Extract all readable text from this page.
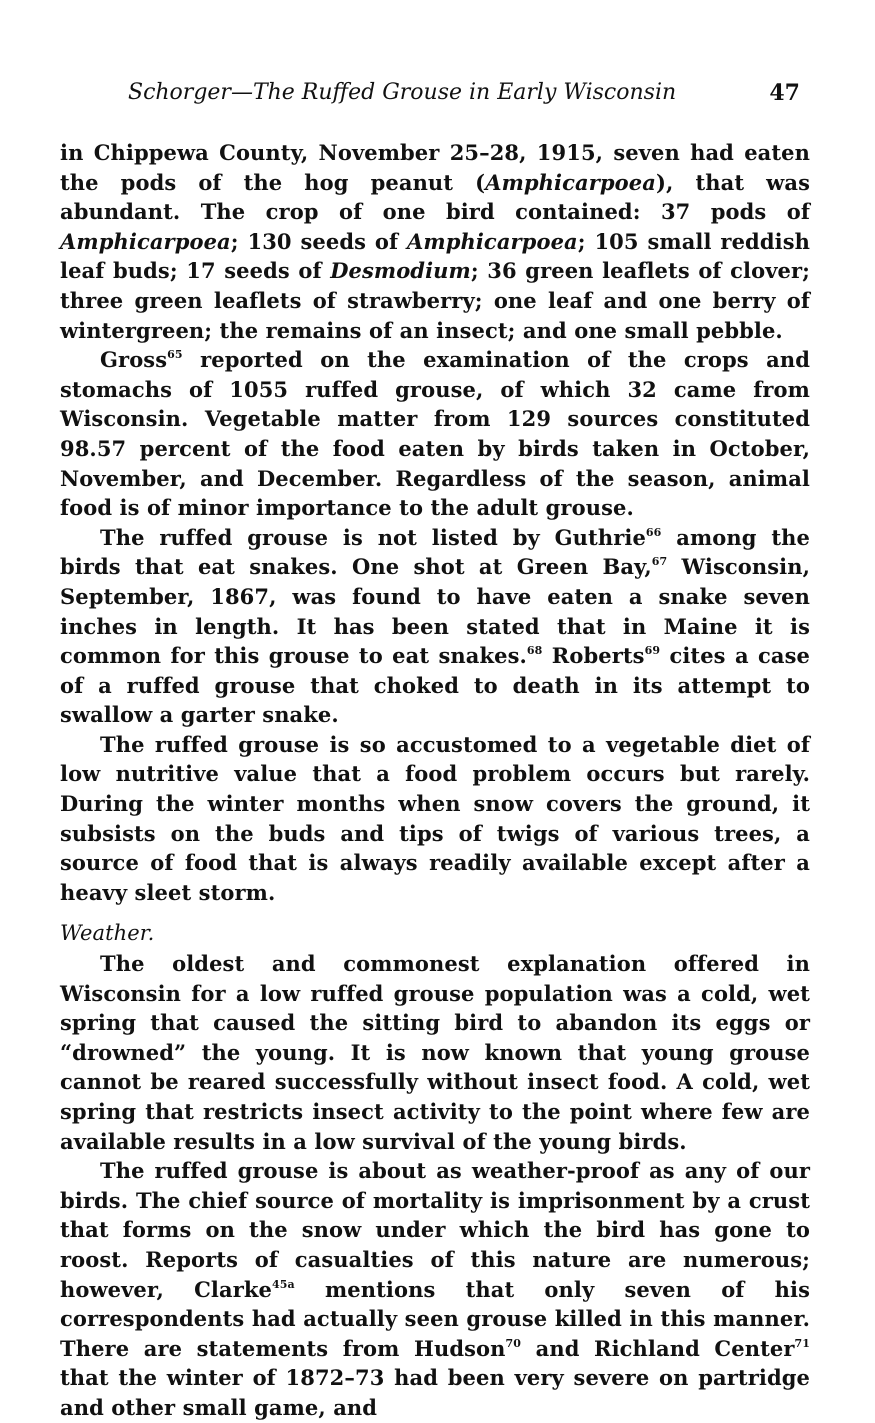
Schorger—The Ruffed Grouse in Early Wisconsin	47

in Chippewa County, November 25–28, 1915, seven had eaten the pods of the hog peanut (Amphicarpoea), that was abundant. The crop of one bird contained: 37 pods of Amphicarpoea; 130 seeds of Amphicarpoea; 105 small reddish leaf buds; 17 seeds of Desmodium; 36 green leaflets of clover; three green leaflets of strawberry; one leaf and one berry of wintergreen; the remains of an insect; and one small pebble.

Gross$^{65}$ reported on the examination of the crops and stomachs of 1055 ruffed grouse, of which 32 came from Wisconsin. Vegetable matter from 129 sources constituted 98.57 percent of the food eaten by birds taken in October, November, and December. Regardless of the season, animal food is of minor importance to the adult grouse.

The ruffed grouse is not listed by Guthrie$^{66}$ among the birds that eat snakes. One shot at Green Bay,$^{67}$ Wisconsin, September, 1867, was found to have eaten a snake seven inches in length. It has been stated that in Maine it is common for this grouse to eat snakes.$^{68}$ Roberts$^{69}$ cites a case of a ruffed grouse that choked to death in its attempt to swallow a garter snake.

The ruffed grouse is so accustomed to a vegetable diet of low nutritive value that a food problem occurs but rarely. During the winter months when snow covers the ground, it subsists on the buds and tips of twigs of various trees, a source of food that is always readily available except after a heavy sleet storm.

Weather.

The oldest and commonest explanation offered in Wisconsin for a low ruffed grouse population was a cold, wet spring that caused the sitting bird to abandon its eggs or “drowned” the young. It is now known that young grouse cannot be reared successfully without insect food. A cold, wet spring that restricts insect activity to the point where few are available results in a low survival of the young birds.

The ruffed grouse is about as weather-proof as any of our birds. The chief source of mortality is imprisonment by a crust that forms on the snow under which the bird has gone to roost. Reports of casualties of this nature are numerous; however, Clarke$^{45a}$ mentions that only seven of his correspondents had actually seen grouse killed in this manner. There are statements from Hudson$^{70}$ and Richland Center$^{71}$ that the winter of 1872–73 had been very severe on partridge and other small game, and
